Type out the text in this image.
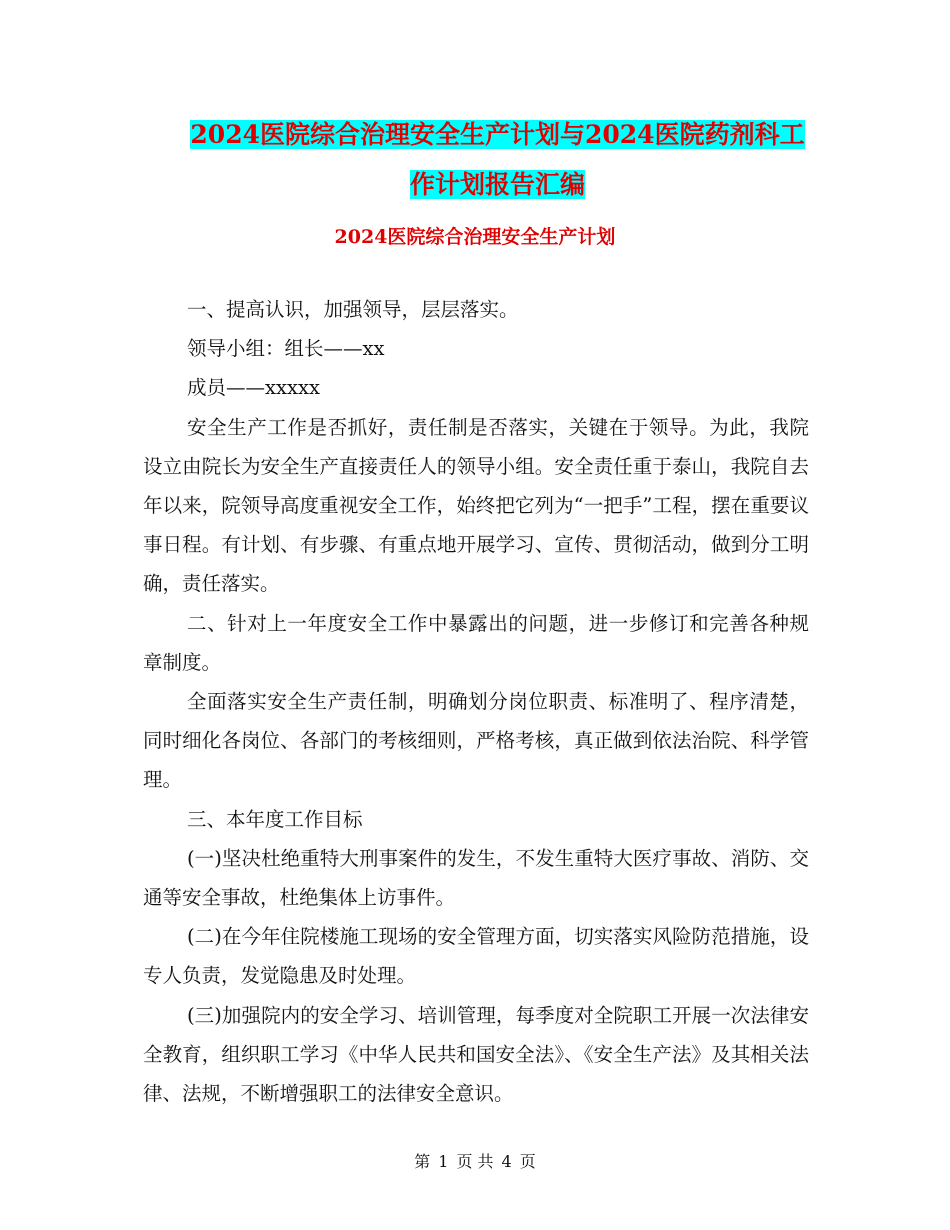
2024医院综合治理安全生产计划与2024医院药剂科工
作计划报告汇编
2024医院综合治理安全生产计划

一、提高认识，加强领导，层层落实。

领导小组：组长——xx

成员——xxxxx

安全生产工作是否抓好，责任制是否落实，关键在于领导。为此，我院设立由院长为安全生产直接责任人的领导小组。安全责任重于泰山，我院自去年以来，院领导高度重视安全工作，始终把它列为“一把手”工程，摆在重要议事日程。有计划、有步骤、有重点地开展学习、宣传、贯彻活动，做到分工明确，责任落实。

二、针对上一年度安全工作中暴露出的问题，进一步修订和完善各种规章制度。

全面落实安全生产责任制，明确划分岗位职责、标准明了、程序清楚，同时细化各岗位、各部门的考核细则，严格考核，真正做到依法治院、科学管理。

三、本年度工作目标

(一)坚决杜绝重特大刑事案件的发生，不发生重特大医疗事故、消防、交通等安全事故，杜绝集体上访事件。

(二)在今年住院楼施工现场的安全管理方面，切实落实风险防范措施，设专人负责，发觉隐患及时处理。

(三)加强院内的安全学习、培训管理，每季度对全院职工开展一次法律安全教育，组织职工学习《中华人民共和国安全法》、《安全生产法》及其相关法律、法规，不断增强职工的法律安全意识。

第 1 页 共 4 页
